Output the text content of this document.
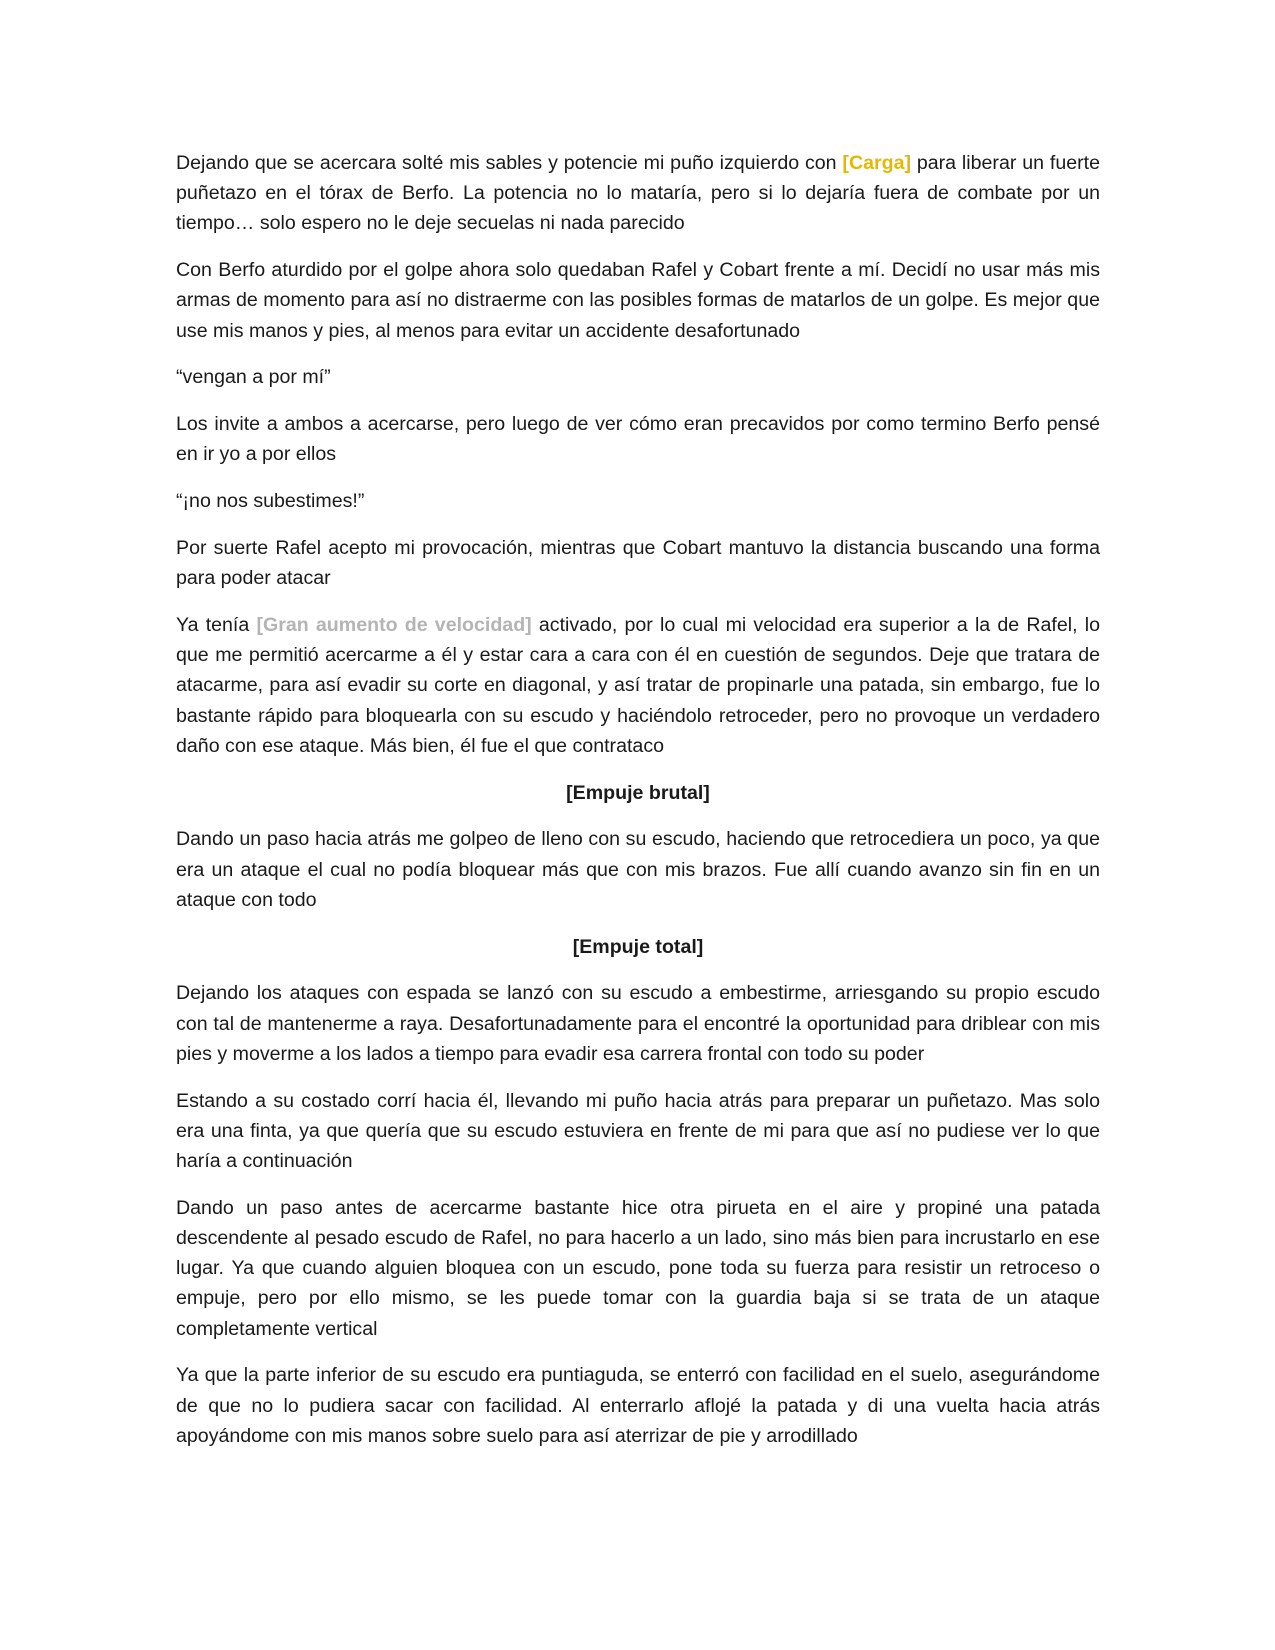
Dejando que se acercara solté mis sables y potencie mi puño izquierdo con [Carga] para liberar un fuerte puñetazo en el tórax de Berfo. La potencia no lo mataría, pero si lo dejaría fuera de combate por un tiempo… solo espero no le deje secuelas ni nada parecido

Con Berfo aturdido por el golpe ahora solo quedaban Rafel y Cobart frente a mí. Decidí no usar más mis armas de momento para así no distraerme con las posibles formas de matarlos de un golpe. Es mejor que use mis manos y pies, al menos para evitar un accidente desafortunado

“vengan a por mí”

Los invite a ambos a acercarse, pero luego de ver cómo eran precavidos por como termino Berfo pensé en ir yo a por ellos

“¡no nos subestimes!”

Por suerte Rafel acepto mi provocación, mientras que Cobart mantuvo la distancia buscando una forma para poder atacar

Ya tenía [Gran aumento de velocidad] activado, por lo cual mi velocidad era superior a la de Rafel, lo que me permitió acercarme a él y estar cara a cara con él en cuestión de segundos. Deje que tratara de atacarme, para así evadir su corte en diagonal, y así tratar de propinarle una patada, sin embargo, fue lo bastante rápido para bloquearla con su escudo y haciéndolo retroceder, pero no provoque un verdadero daño con ese ataque. Más bien, él fue el que contrataco

[Empuje brutal]

Dando un paso hacia atrás me golpeo de lleno con su escudo, haciendo que retrocediera un poco, ya que era un ataque el cual no podía bloquear más que con mis brazos. Fue allí cuando avanzo sin fin en un ataque con todo

[Empuje total]

Dejando los ataques con espada se lanzó con su escudo a embestirme, arriesgando su propio escudo con tal de mantenerme a raya. Desafortunadamente para el encontré la oportunidad para driblear con mis pies y moverme a los lados a tiempo para evadir esa carrera frontal con todo su poder

Estando a su costado corrí hacia él, llevando mi puño hacia atrás para preparar un puñetazo. Mas solo era una finta, ya que quería que su escudo estuviera en frente de mi para que así no pudiese ver lo que haría a continuación

Dando un paso antes de acercarme bastante hice otra pirueta en el aire y propiné una patada descendente al pesado escudo de Rafel, no para hacerlo a un lado, sino más bien para incrustarlo en ese lugar. Ya que cuando alguien bloquea con un escudo, pone toda su fuerza para resistir un retroceso o empuje, pero por ello mismo, se les puede tomar con la guardia baja si se trata de un ataque completamente vertical

Ya que la parte inferior de su escudo era puntiaguda, se enterró con facilidad en el suelo, asegurándome de que no lo pudiera sacar con facilidad. Al enterrarlo aflojé la patada y di una vuelta hacia atrás apoyándome con mis manos sobre suelo para así aterrizar de pie y arrodillado
